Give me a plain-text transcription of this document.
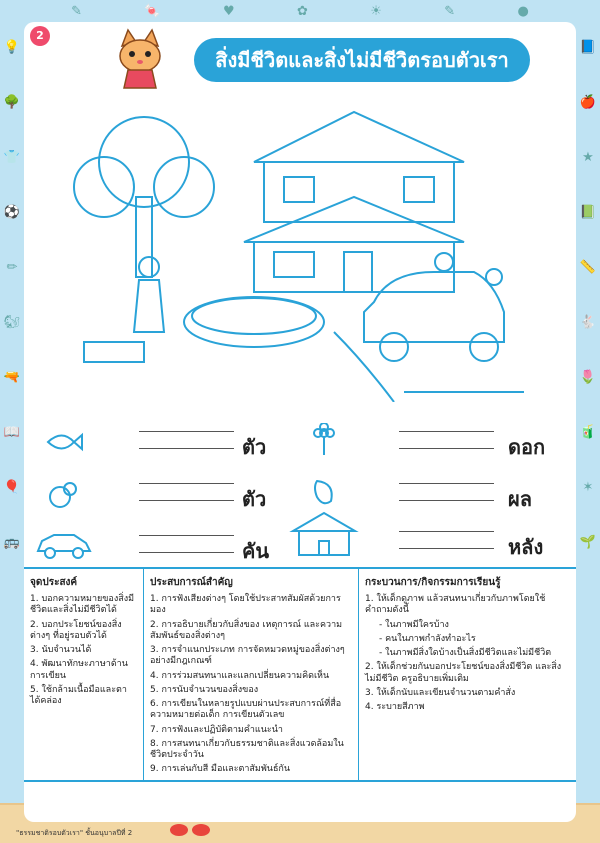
✎	🍬	♥	✿	☀	✎	●
💡
🌳
👕
⚽
✏
🐿
🔫
📖
🎈
🚌
📘
🍎
★
📗
📏
🐇
🌷
🧃
✶
🌱
2
สิ่งมีชีวิตและสิ่งไม่มีชีวิตรอบตัวเรา
ตัว
ตัว
คัน
ดอก
ผล
หลัง
จุดประสงค์
1. บอกความหมายของสิ่งมีชีวิตและสิ่งไม่มีชีวิตได้
2. บอกประโยชน์ของสิ่งต่างๆ ที่อยู่รอบตัวได้
3. นับจำนวนได้
4. พัฒนาทักษะภาษาด้านการเขียน
5. ใช้กล้ามเนื้อมือและตาได้คล่อง
ประสบการณ์สำคัญ
1. การฟังเสียงต่างๆ โดยใช้ประสาทสัมผัสด้วยการมอง
2. การอธิบายเกี่ยวกับสิ่งของ เหตุการณ์ และความสัมพันธ์ของสิ่งต่างๆ
3. การจำแนกประเภท การจัดหมวดหมู่ของสิ่งต่างๆ อย่างมีกฎเกณฑ์
4. การร่วมสนทนาและแลกเปลี่ยนความคิดเห็น
5. การนับจำนวนของสิ่งของ
6. การเขียนในหลายรูปแบบผ่านประสบการณ์ที่สื่อความหมายต่อเด็ก การเขียนตัวเลข
7. การฟังและปฏิบัติตามคำแนะนำ
8. การสนทนาเกี่ยวกับธรรมชาติและสิ่งแวดล้อมในชีวิตประจำวัน
9. การเล่นกับสี มือและตาสัมพันธ์กัน
กระบวนการ/กิจกรรมการเรียนรู้
1. ให้เด็กดูภาพ แล้วสนทนาเกี่ยวกับภาพโดยใช้คำถามดังนี้
- ในภาพมีใครบ้าง
- คนในภาพกำลังทำอะไร
- ในภาพมีสิ่งใดบ้างเป็นสิ่งมีชีวิตและไม่มีชีวิต
2. ให้เด็กช่วยกันบอกประโยชน์ของสิ่งมีชีวิต และสิ่งไม่มีชีวิต ครูอธิบายเพิ่มเติม
3. ให้เด็กนับและเขียนจำนวนตามคำสั่ง
4. ระบายสีภาพ
"ธรรมชาติรอบตัวเรา" ชั้นอนุบาลปีที่ 2
